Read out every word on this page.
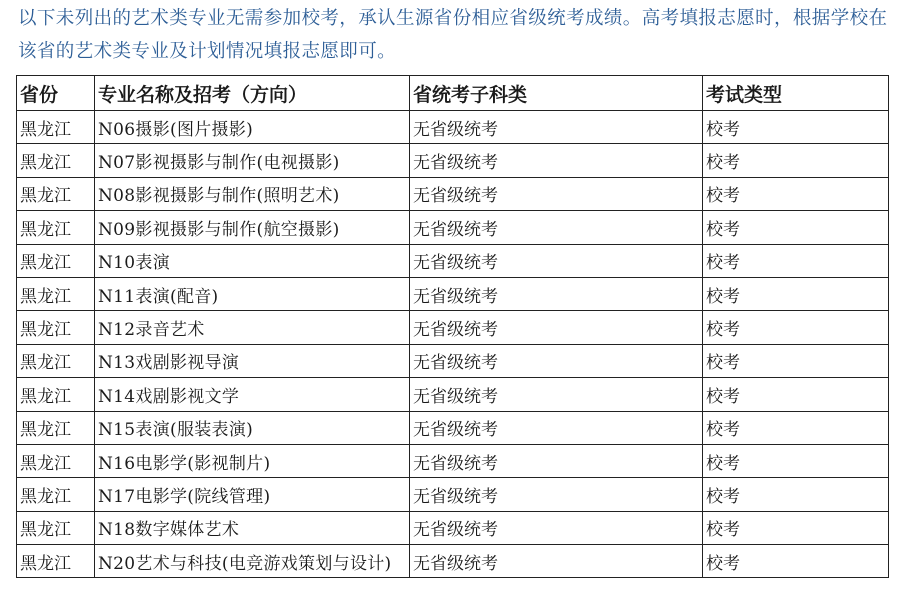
以下未列出的艺术类专业无需参加校考，承认生源省份相应省级统考成绩。高考填报志愿时，根据学校在该省的艺术类专业及计划情况填报志愿即可。

省份	专业名称及招考（方向）	省统考子科类	考试类型
黑龙江	N06摄影(图片摄影)	无省级统考	校考
黑龙江	N07影视摄影与制作(电视摄影)	无省级统考	校考
黑龙江	N08影视摄影与制作(照明艺术)	无省级统考	校考
黑龙江	N09影视摄影与制作(航空摄影)	无省级统考	校考
黑龙江	N10表演	无省级统考	校考
黑龙江	N11表演(配音)	无省级统考	校考
黑龙江	N12录音艺术	无省级统考	校考
黑龙江	N13戏剧影视导演	无省级统考	校考
黑龙江	N14戏剧影视文学	无省级统考	校考
黑龙江	N15表演(服装表演)	无省级统考	校考
黑龙江	N16电影学(影视制片)	无省级统考	校考
黑龙江	N17电影学(院线管理)	无省级统考	校考
黑龙江	N18数字媒体艺术	无省级统考	校考
黑龙江	N20艺术与科技(电竞游戏策划与设计)	无省级统考	校考
